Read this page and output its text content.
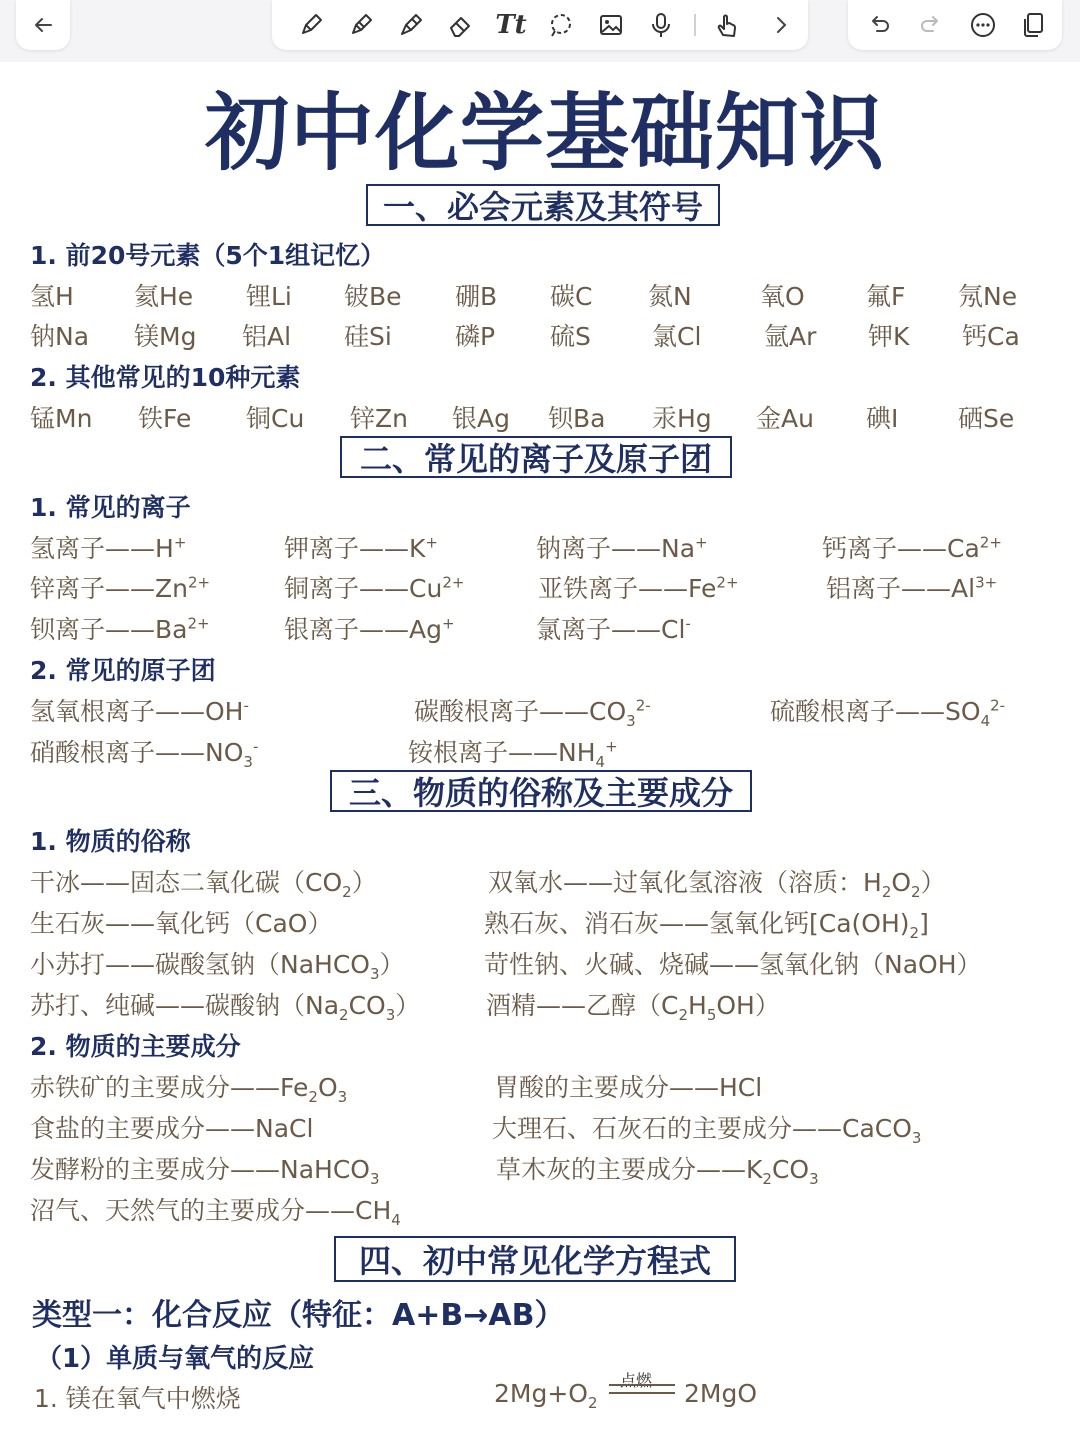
Tt
初中化学基础知识
一、必会元素及其符号
1. 前20号元素（5个1组记忆）
氢H 氦He 锂Li 铍Be 硼B 碳C 氮N	氧O 氟F 氖Ne
钠Na 镁Mg 铝Al 硅Si	磷P 硫S 氯Cl	氩Ar 钾K 钙Ca
2. 其他常见的10种元素
锰Mn 铁Fe 铜Cu 锌Zn 银Ag 钡Ba 汞Hg 金Au 碘I 硒Se
二、常见的离子及原子团
1. 常见的离子
氢离子——H+	钾离子——K+	钠离子——Na+	钙离子$——Ca^{2+}$
锌离子$——Zn^{2+}$	铜离子$——Cu^{2+}$	亚铁离子$——Fe^{2+}$	铝离子$——Al^{3+}$
钡离子$——Ba^{2+}$	银离子——Ag+	氯离子——Cl-
2. 常见的原子团
氢氧根离子——OH-	碳酸根离子$——CO_3^{2-}$	硫酸根离子$——SO_4^{2-}$
硝酸根离子$——NO_3^-$	铵根离子$——NH_4^+$
三、物质的俗称及主要成分
1. 物质的俗称
干冰——固态二氧化碳$(CO_2)$	双氧水——过氧化氢溶液（溶质：$H_2O_2$）
生石灰——氧化钙（CaO）	熟石灰、消石灰——氢氧化钙$[Ca(OH)_2]$
小苏打——碳酸氢钠（NaHCO$_3$）	苛性钠、火碱、烧碱——氢氧化钠（NaOH）
苏打、纯碱——碳酸钠$(Na_2CO_3)$	酒精——乙醇$(C_2H_5OH)$
2. 物质的主要成分
赤铁矿的主要成分$——Fe_2O_3$	胃酸的主要成分——HCl
食盐的主要成分——NaCl	大理石、石灰石的主要成分——CaCO$_3$
发酵粉的主要成分——NaHCO$_3$	草木灰的主要成分$——K_2CO_3$
沼气、天然气的主要成分$——CH_4$
四、初中常见化学方程式
类型一：化合反应（特征：A+B→AB）
（1）单质与氧气的反应
1. 镁在氧气中燃烧	$2Mg+O_2$
点燃 2MgO
